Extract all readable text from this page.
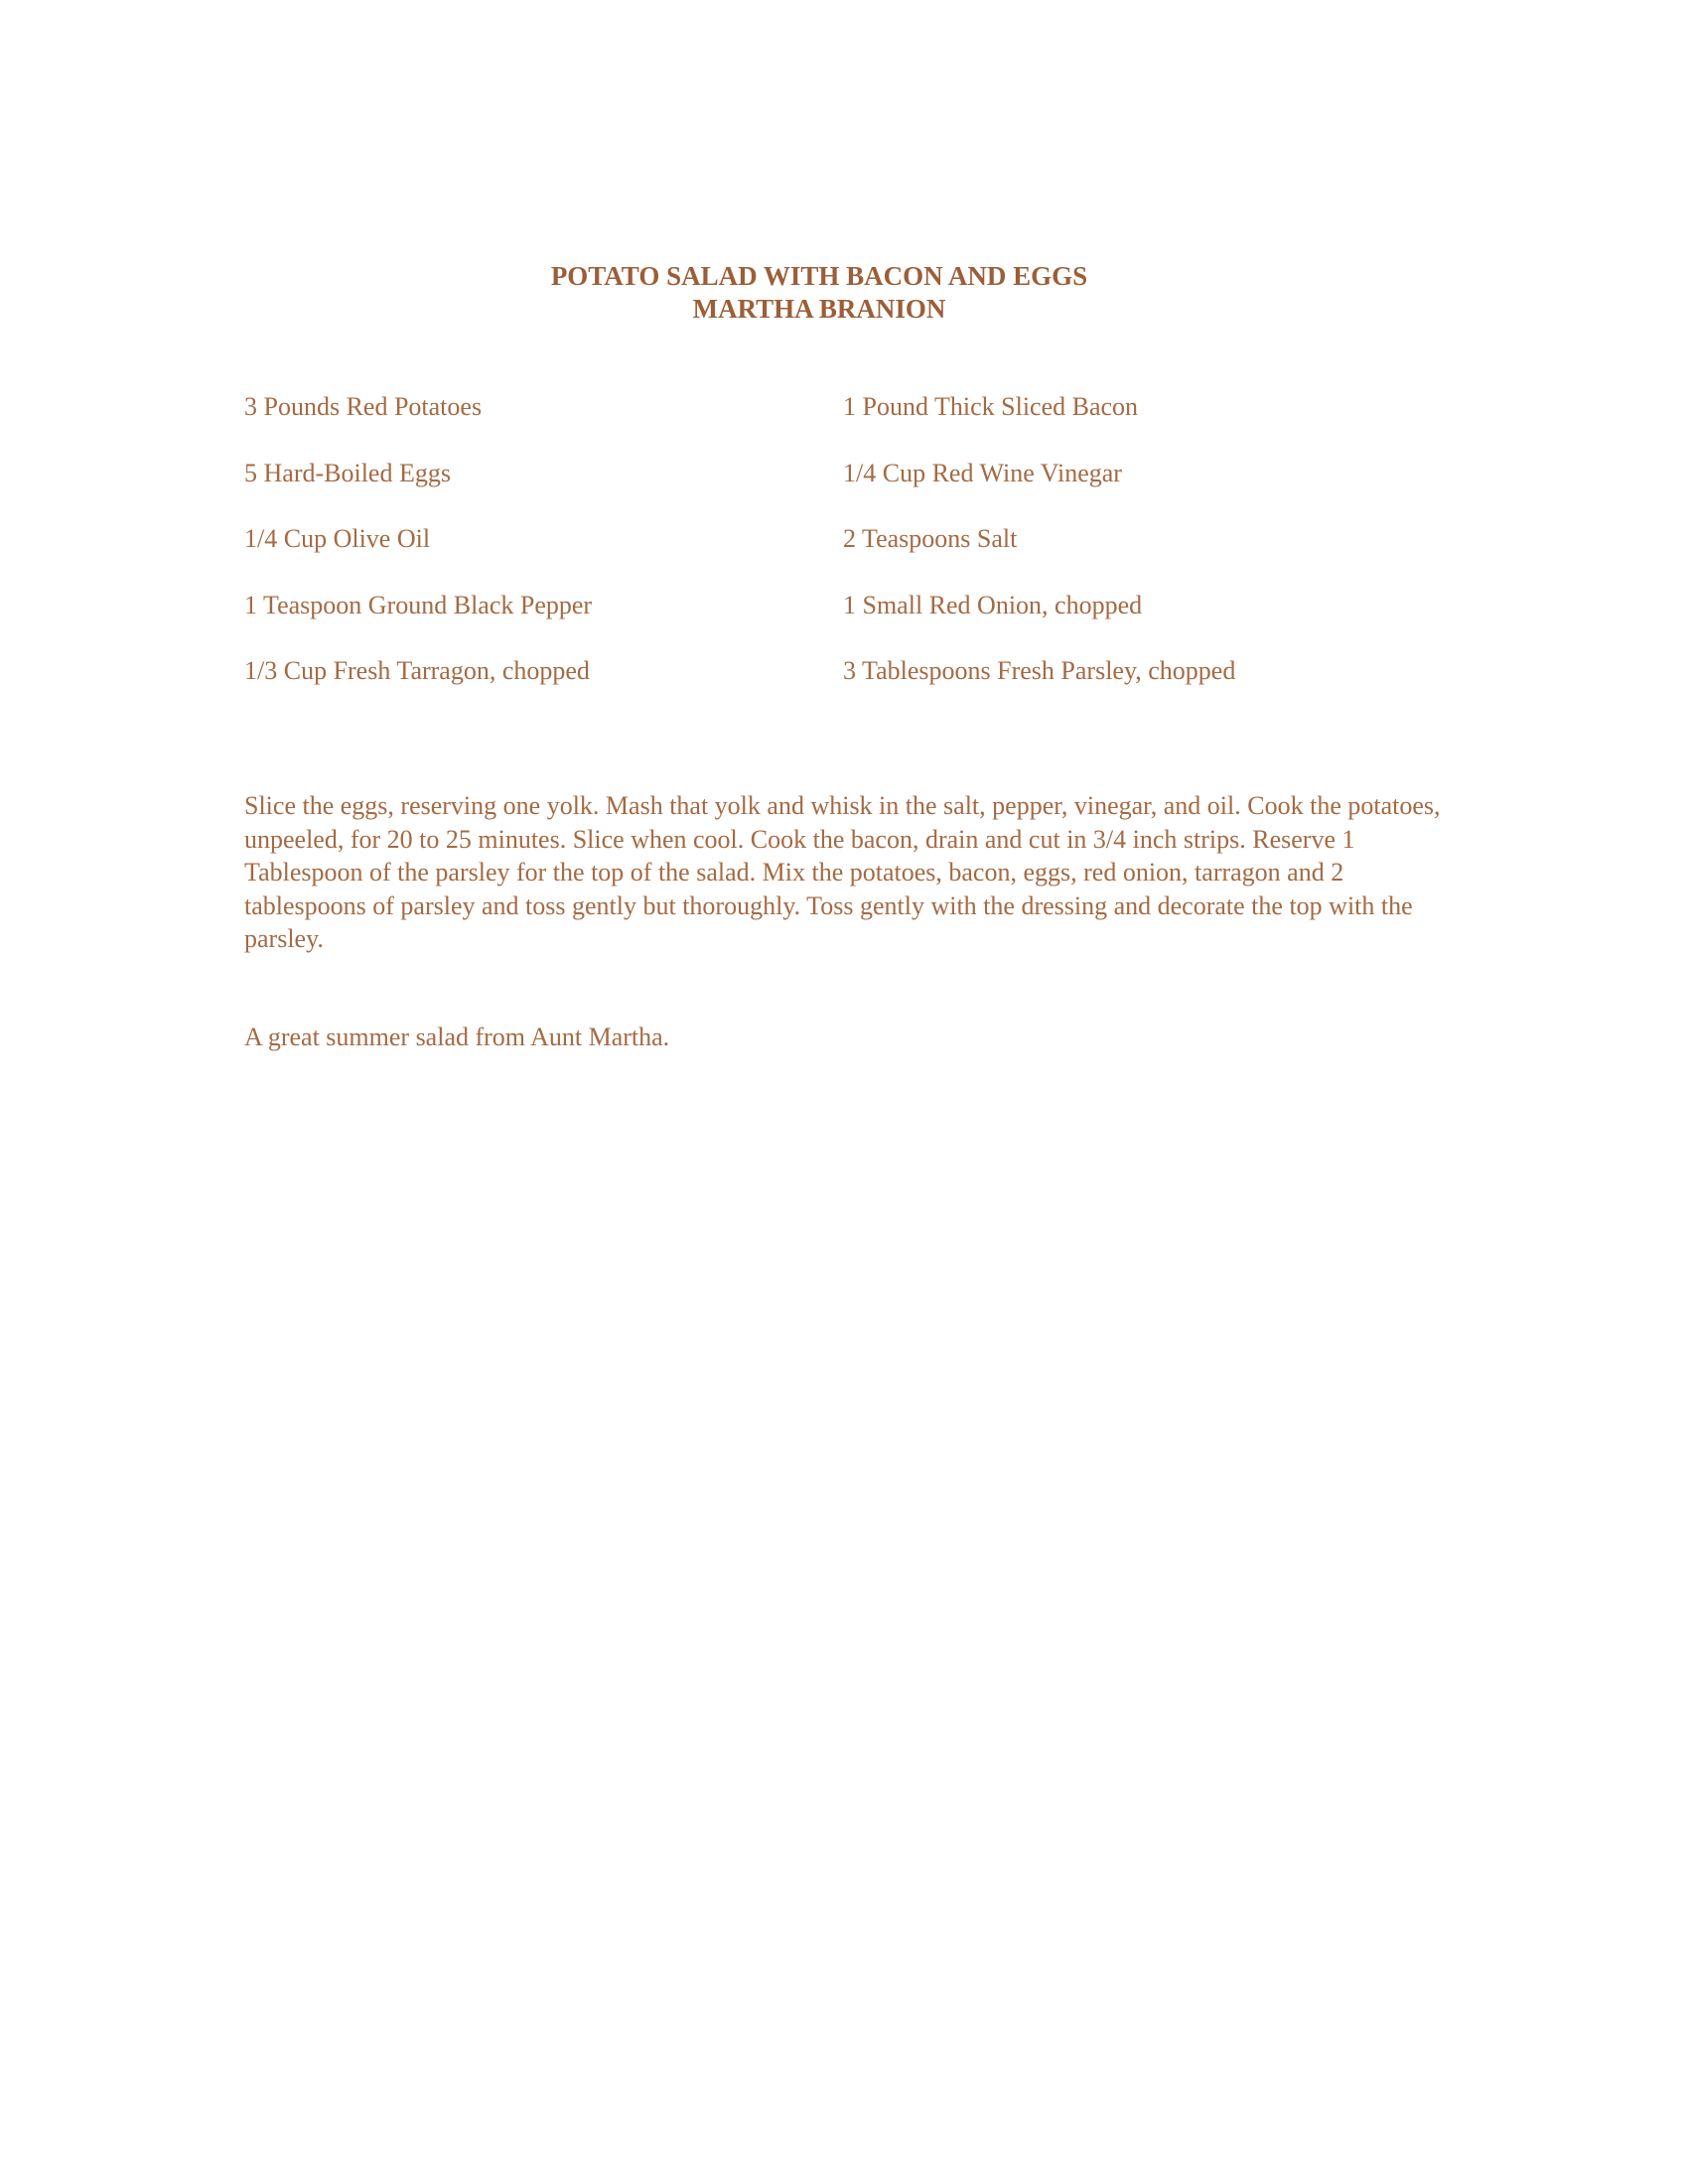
POTATO SALAD WITH BACON AND EGGS
MARTHA BRANION
3 Pounds Red Potatoes	1 Pound Thick Sliced Bacon
5 Hard-Boiled Eggs	1/4 Cup Red Wine Vinegar
1/4 Cup Olive Oil	2 Teaspoons Salt
1 Teaspoon Ground Black Pepper	1 Small Red Onion, chopped
1/3 Cup Fresh Tarragon, chopped	3 Tablespoons Fresh Parsley, chopped

Slice the eggs, reserving one yolk. Mash that yolk and whisk in the salt, pepper, vinegar, and oil. Cook the potatoes, unpeeled, for 20 to 25 minutes. Slice when cool. Cook the bacon, drain and cut in 3/4 inch strips. Reserve 1 Tablespoon of the parsley for the top of the salad. Mix the potatoes, bacon, eggs, red onion, tarragon and 2 tablespoons of parsley and toss gently but thoroughly. Toss gently with the dressing and decorate the top with the parsley.

A great summer salad from Aunt Martha.
